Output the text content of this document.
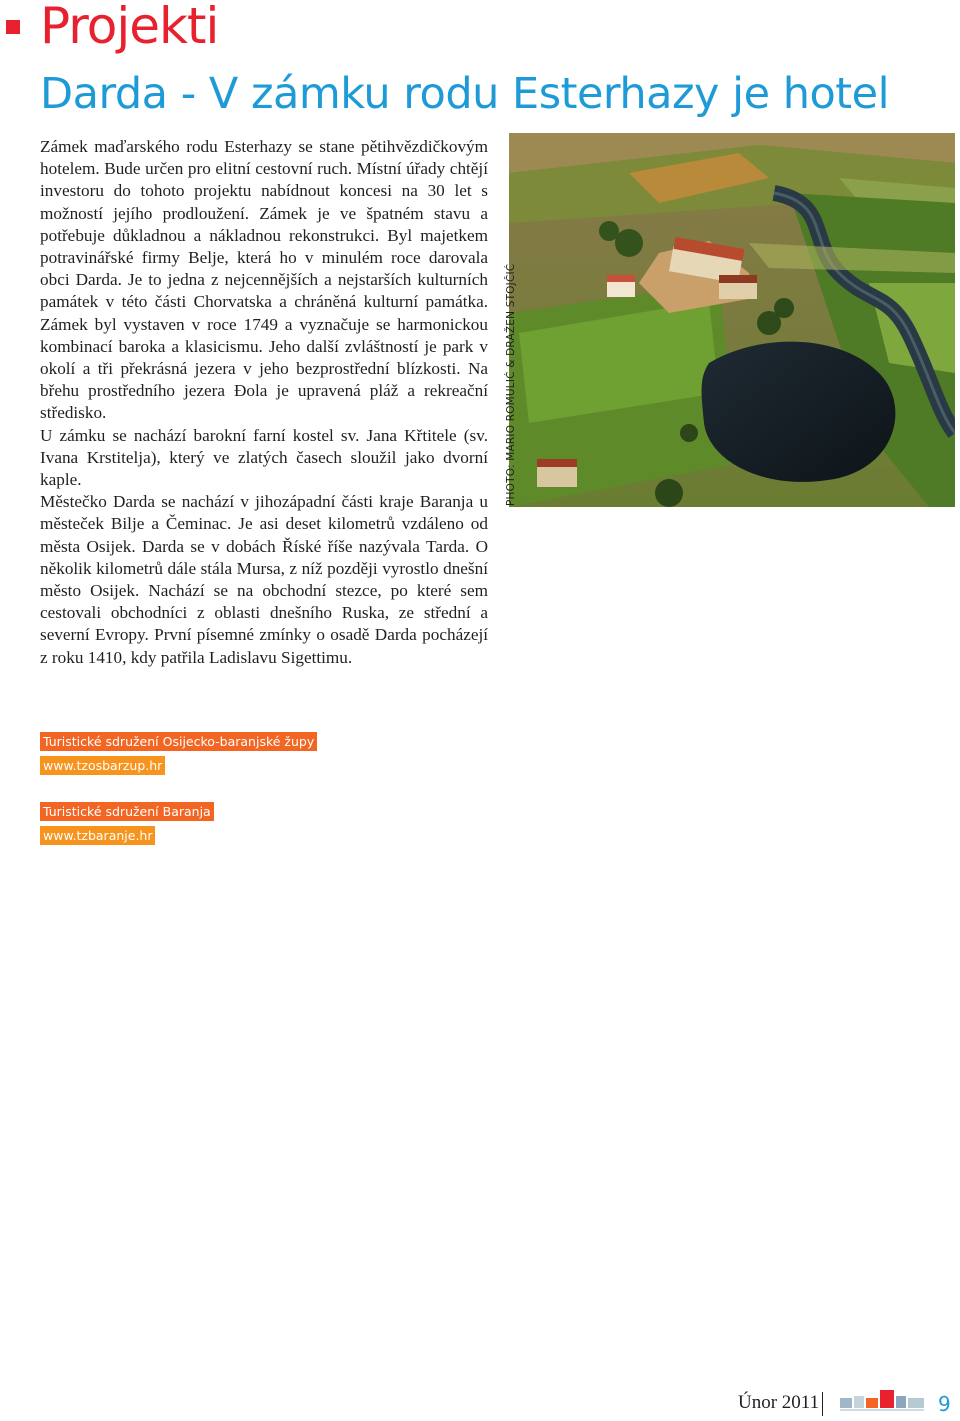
Projekti
Darda - V zámku rodu Esterhazy je hotel

Zámek maďarského rodu Esterhazy se stane pětihvězdičkovým hotelem. Bude určen pro elitní cestovní ruch. Místní úřady chtějí investoru do tohoto projektu nabídnout koncesi na 30 let s možností jejího prodloužení. Zámek je ve špatném stavu a potřebuje důkladnou a nákladnou rekonstrukci. Byl majetkem potravinářské firmy Belje, která ho v minulém roce darovala obci Darda. Je to jedna z nejcennějších a nejstarších kulturních památek v této části Chorvatska a chráněná kulturní památka. Zámek byl vystaven v roce 1749 a vyznačuje se harmonickou kombinací baroka a klasicismu. Jeho další zvláštností je park v okolí a tři překrásná jezera v jeho bezprostřední blízkosti. Na břehu prostředního jezera Đola je upravená pláž a rekreační středisko.

U zámku se nachází barokní farní kostel sv. Jana Křtitele (sv. Ivana Krstitelja), který ve zlatých časech sloužil jako dvorní kaple.

Městečko Darda se nachází v jihozápadní části kraje Baranja u městeček Bilje a Čeminac. Je asi deset kilometrů vzdáleno od města Osijek. Darda se v dobách Říské říše nazývala Tarda. O několik kilometrů dále stála Mursa, z níž později vyrostlo dnešní město Osijek. Nachází se na obchodní stezce, po které sem cestovali obchodníci z oblasti dnešního Ruska, ze střední a severní Evropy. První písemné zmínky o osadě Darda pocházejí z roku 1410, kdy patřila Ladislavu Sigettimu.

PHOTO: MARIO ROMULIĆ & DRAŽEN STOJČIĆ
Turistické sdružení Osijecko-baranjské župy
www.tzosbarzup.hr
Turistické sdružení Baranja
www.tzbaranje.hr
Únor 2011	9
